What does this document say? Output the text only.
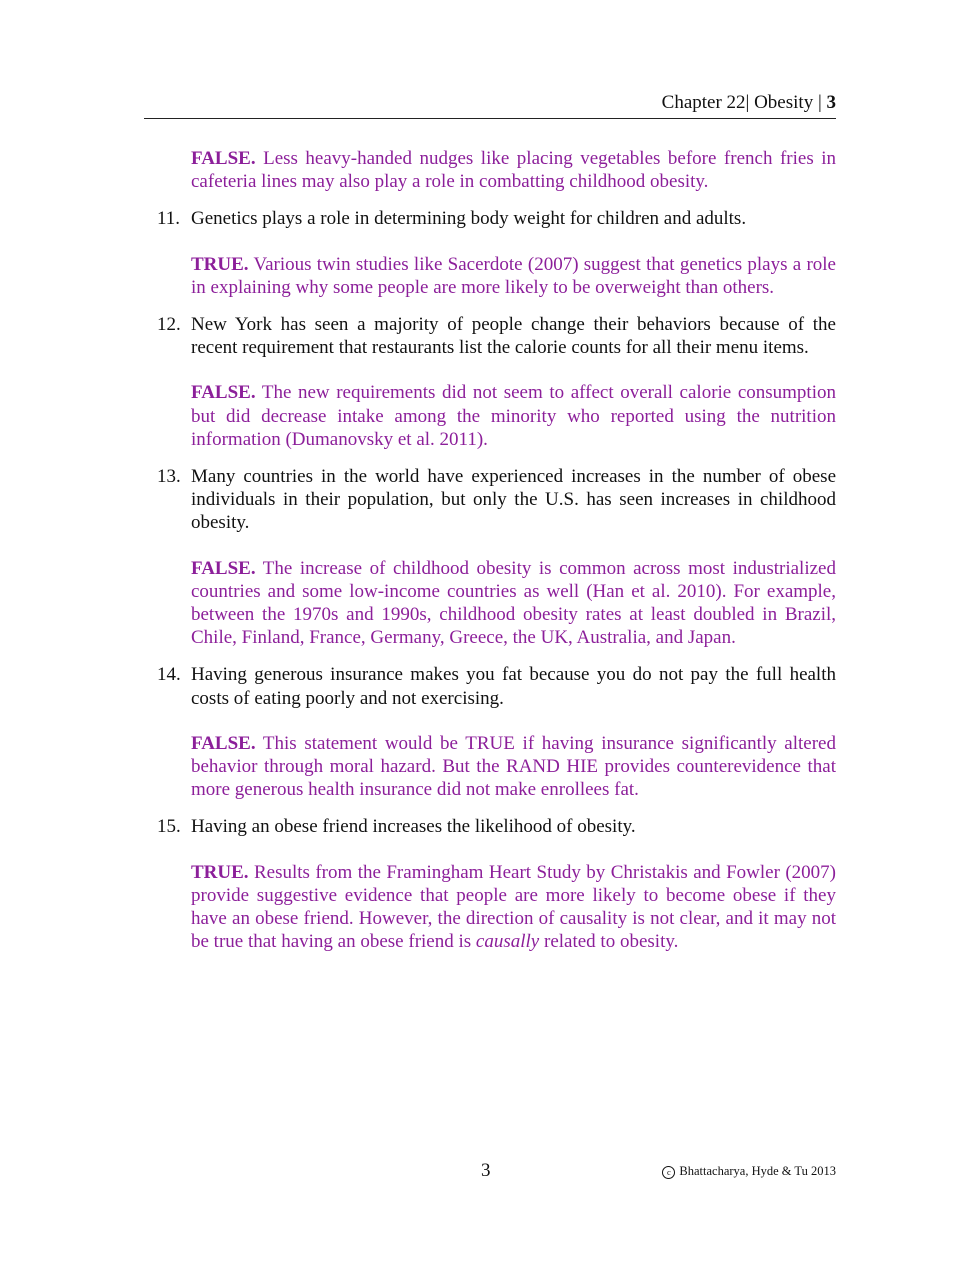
Chapter 22| Obesity | 3
FALSE. Less heavy-handed nudges like placing vegetables before french fries in cafeteria lines may also play a role in combatting childhood obesity.
11. Genetics plays a role in determining body weight for children and adults.
TRUE. Various twin studies like Sacerdote (2007) suggest that genetics plays a role in explaining why some people are more likely to be overweight than others.
12. New York has seen a majority of people change their behaviors because of the recent requirement that restaurants list the calorie counts for all their menu items.
FALSE. The new requirements did not seem to affect overall calorie consumption but did decrease intake among the minority who reported using the nutrition information (Dumanovsky et al. 2011).
13. Many countries in the world have experienced increases in the number of obese individuals in their population, but only the U.S. has seen increases in childhood obesity.
FALSE. The increase of childhood obesity is common across most industrialized countries and some low-income countries as well (Han et al. 2010). For example, between the 1970s and 1990s, childhood obesity rates at least doubled in Brazil, Chile, Finland, France, Germany, Greece, the UK, Australia, and Japan.
14. Having generous insurance makes you fat because you do not pay the full health costs of eating poorly and not exercising.
FALSE. This statement would be TRUE if having insurance significantly altered behavior through moral hazard. But the RAND HIE provides counterevidence that more generous health insurance did not make enrollees fat.
15. Having an obese friend increases the likelihood of obesity.
TRUE. Results from the Framingham Heart Study by Christakis and Fowler (2007) provide suggestive evidence that people are more likely to become obese if they have an obese friend. However, the direction of causality is not clear, and it may not be true that having an obese friend is causally related to obesity.
3	c Bhattacharya, Hyde & Tu 2013
